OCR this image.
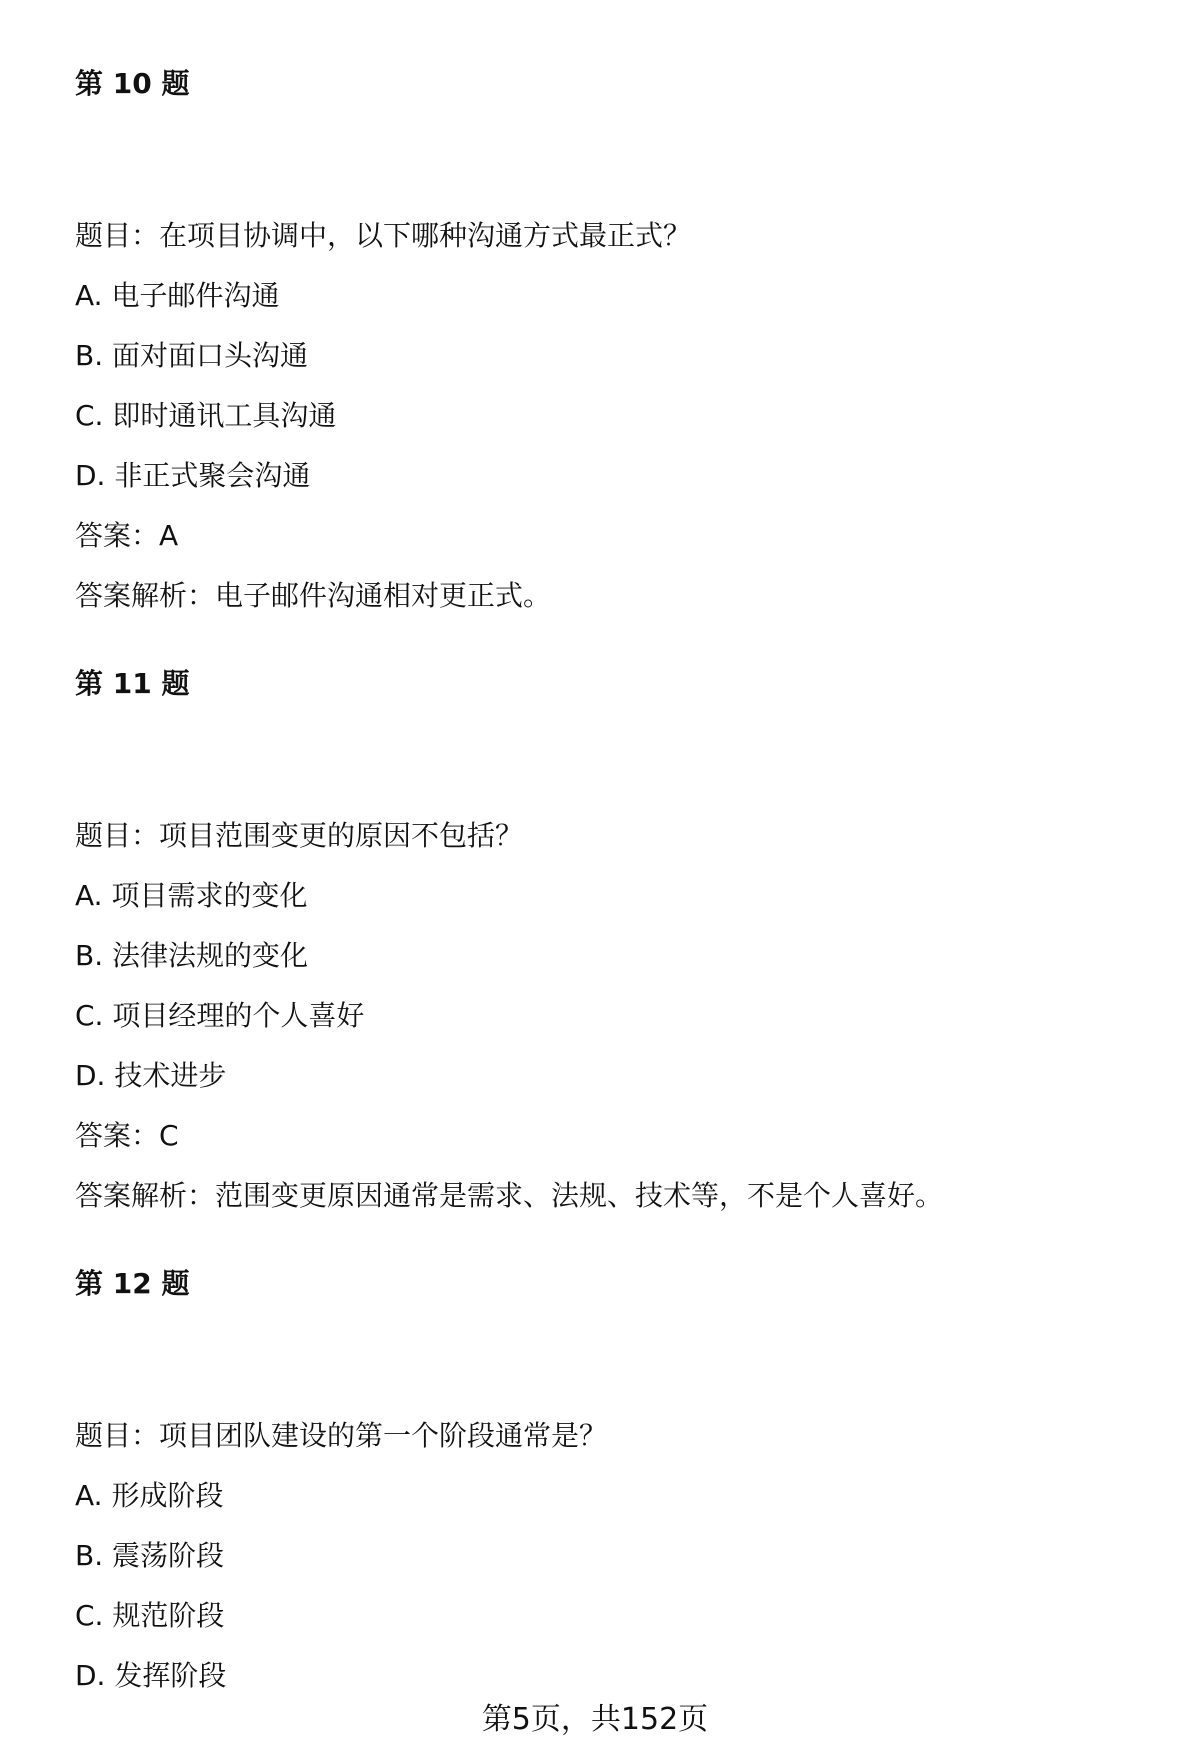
第 10 题
题目：在项目协调中，以下哪种沟通方式最正式？
A. 电子邮件沟通
B. 面对面口头沟通
C. 即时通讯工具沟通
D. 非正式聚会沟通
答案：A
答案解析：电子邮件沟通相对更正式。
第 11 题
题目：项目范围变更的原因不包括？
A. 项目需求的变化
B. 法律法规的变化
C. 项目经理的个人喜好
D. 技术进步
答案：C
答案解析：范围变更原因通常是需求、法规、技术等，不是个人喜好。
第 12 题
题目：项目团队建设的第一个阶段通常是？
A. 形成阶段
B. 震荡阶段
C. 规范阶段
D. 发挥阶段
第5页，共152页
